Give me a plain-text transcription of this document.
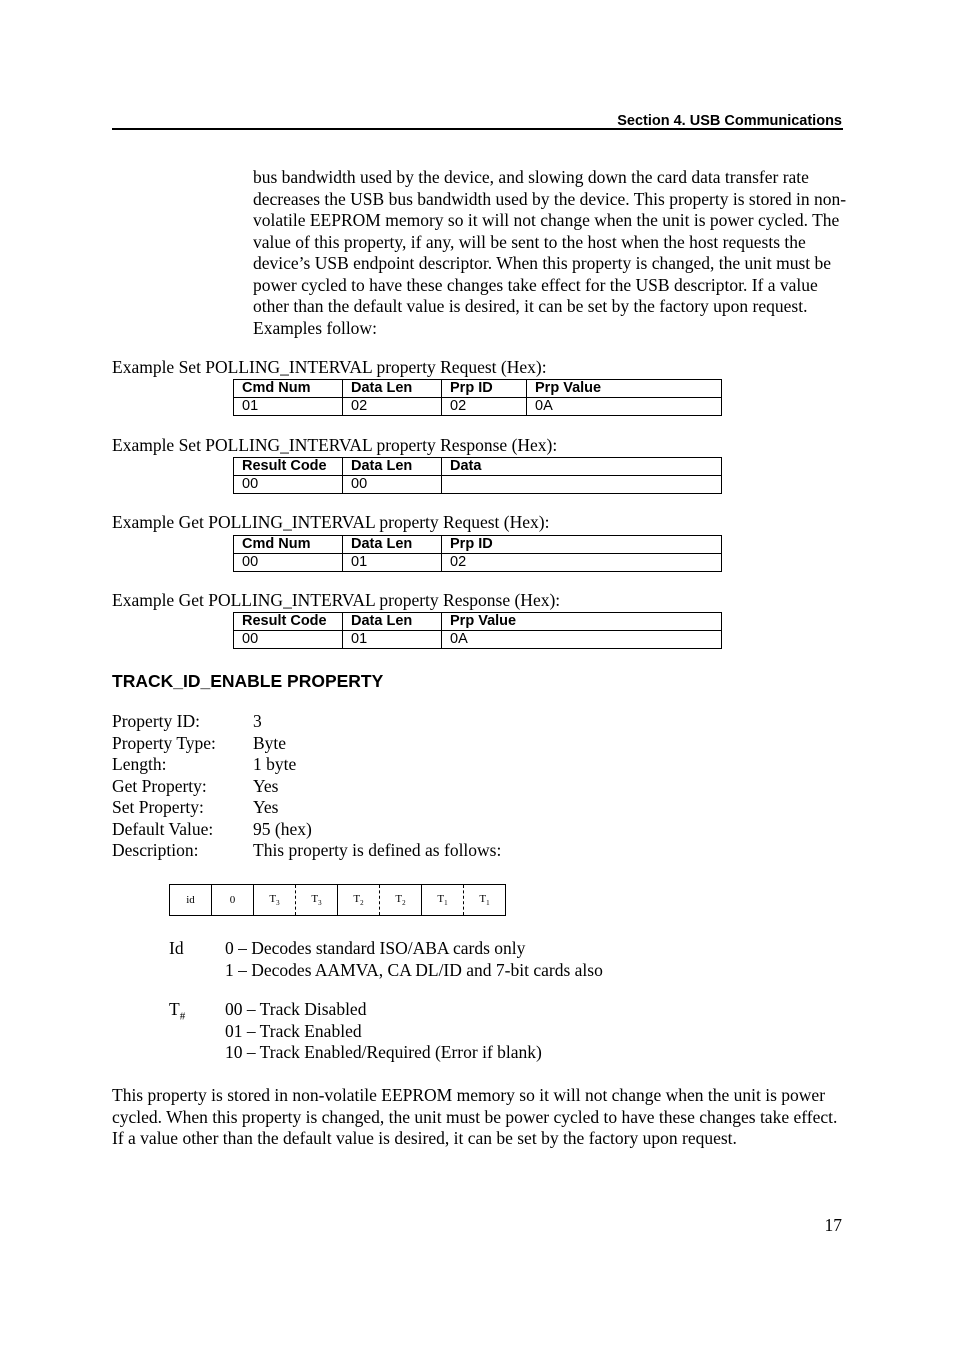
Section 4. USB Communications

bus bandwidth used by the device, and slowing down the card data transfer rate decreases the USB bus bandwidth used by the device. This property is stored in non-volatile EEPROM memory so it will not change when the unit is power cycled. The value of this property, if any, will be sent to the host when the host requests the device’s USB endpoint descriptor. When this property is changed, the unit must be power cycled to have these changes take effect for the USB descriptor. If a value other than the default value is desired, it can be set by the factory upon request. Examples follow:

Example Set POLLING_INTERVAL property Request (Hex):

Cmd Num	Data Len	Prp ID	Prp Value
01	02	02	0A

Example Set POLLING_INTERVAL property Response (Hex):

Result Code	Data Len	Data
00	00	

Example Get POLLING_INTERVAL property Request (Hex):

Cmd Num	Data Len	Prp ID
00	01	02

Example Get POLLING_INTERVAL property Response (Hex):

Result Code	Data Len	Prp Value
00	01	0A
TRACK_ID_ENABLE PROPERTY
Property ID:	3
Property Type:	Byte
Length:	1 byte
Get Property:	Yes
Set Property:	Yes
Default Value:	95 (hex)
Description:	This property is defined as follows:
id	0	$T_3$	$T_3$	$T_2$	$T_2$	$T_1$	$T_1$
Id 0 – Decodes standard ISO/ABA cards only
1 – Decodes AAMVA, CA DL/ID and 7-bit cards also
$T_{\#}$ 00 – Track Disabled
01 – Track Enabled
10 – Track Enabled/Required (Error if blank)

This property is stored in non-volatile EEPROM memory so it will not change when the unit is power cycled. When this property is changed, the unit must be power cycled to have these changes take effect. If a value other than the default value is desired, it can be set by the factory upon request.

17
